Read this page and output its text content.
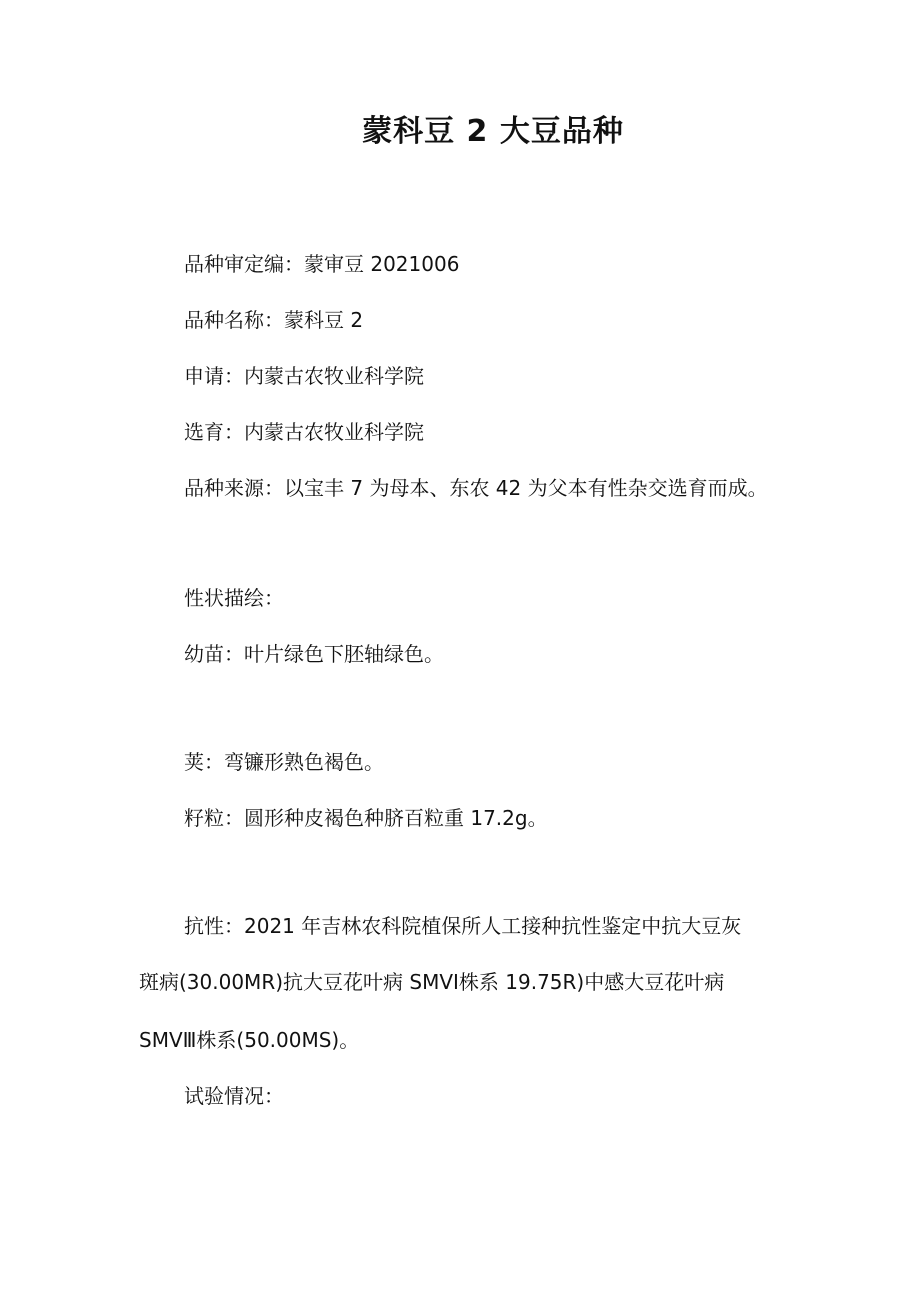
蒙科豆 2 大豆品种
品种审定编：蒙审豆 2021006
品种名称：蒙科豆 2
申请：内蒙古农牧业科学院
选育：内蒙古农牧业科学院
品种来源：以宝丰 7 为母本、东农 42 为父本有性杂交选育而成。
性状描绘：
幼苗：叶片绿色下胚轴绿色。
荚：弯镰形熟色褐色。
籽粒：圆形种皮褐色种脐百粒重 17.2g。
抗性：2021 年吉林农科院植保所人工接种抗性鉴定中抗大豆灰
斑病(30.00MR)抗大豆花叶病 SMVⅠ株系 19.75R)中感大豆花叶病
SMVⅢ株系(50.00MS)。
试验情况：
